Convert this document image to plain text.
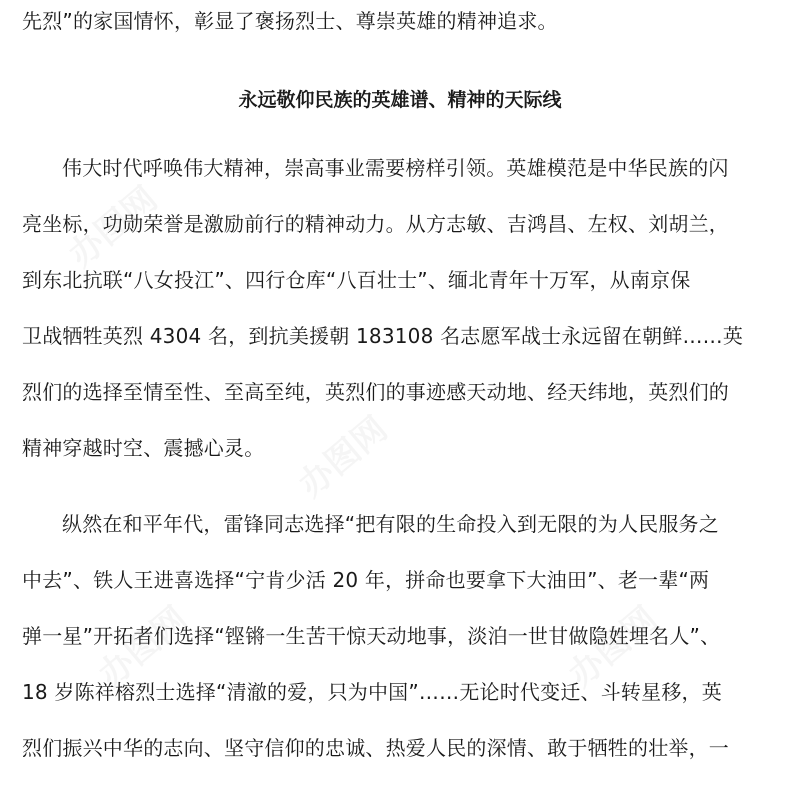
办图网
办图网
办图网
办图网
先烈”的家国情怀，彰显了褒扬烈士、尊崇英雄的精神追求。
永远敬仰民族的英雄谱、精神的天际线
伟大时代呼唤伟大精神，崇高事业需要榜样引领。英雄模范是中华民族的闪
亮坐标，功勋荣誉是激励前行的精神动力。从方志敏、吉鸿昌、左权、刘胡兰，
到东北抗联“八女投江”、四行仓库“八百壮士”、缅北青年十万军，从南京保
卫战牺牲英烈 4304 名，到抗美援朝 183108 名志愿军战士永远留在朝鲜……英
烈们的选择至情至性、至高至纯，英烈们的事迹感天动地、经天纬地，英烈们的
精神穿越时空、震撼心灵。
纵然在和平年代，雷锋同志选择“把有限的生命投入到无限的为人民服务之
中去”、铁人王进喜选择“宁肯少活 20 年，拼命也要拿下大油田”、老一辈“两
弹一星”开拓者们选择“铿锵一生苦干惊天动地事，淡泊一世甘做隐姓埋名人”、
18 岁陈祥榕烈士选择“清澈的爱，只为中国”……无论时代变迁、斗转星移，英
烈们振兴中华的志向、坚守信仰的忠诚、热爱人民的深情、敢于牺牲的壮举，一
